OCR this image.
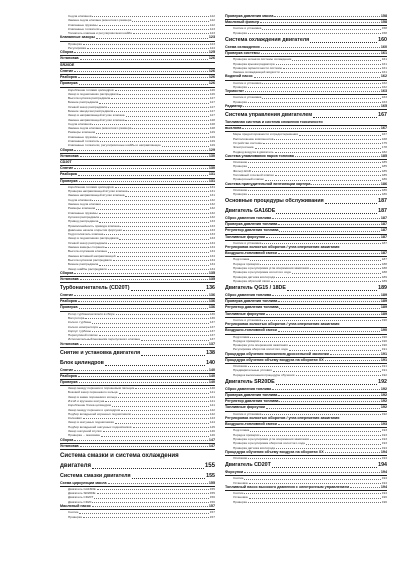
Седла клапанов	122
Замена седла клапана ремонтного размера	122
Клапанные пружины	122
Клапанные толкатели	123
Толкатель клапана и регулировочная шайба	123
Клапанные зазоры	123
Проверка	123
Регулировка	124
Сборка	125
Установка	126
SR20DE
Снятие	126
Разборка	126
Проверка	126
Коробление головки цилиндров	126
Зазор в подшипниках распредвала	126
Высота кулачка распредвала	127
Биение распредвала	127
Осевой зазор распредвала	127
Биение звездочки распредвала	127
Зазор в направляющей втулке клапана	127
Замена направляющей втулки клапана	128
Седла клапанов	128
Замена седла клапана ремонтного размера	128
Размеры клапанов	129
Клапанные пружины	129
Клапанный толкатель	129
Клапанные толкатели, регулировочные шайбы и направляющие	129
Сборка	129
Установка	130
CD20T
Снятие	130
Разборка	131
Проверка	131
Коробление головки цилиндров	131
Проверка направляющей втулки клапана	131
Замена направляющей втулки клапана	131
Седла клапанов	132
Замена седла клапана	132
Размеры клапанов	132
Клапанные пружины	132
Кулачки распредвала	132
Привод распредвала	133
Прямолинейность привода клапана	133
Давление начала открытия форсунки	133
Гидротолкатель клапана	133
Зазор в подшипниках распредвала	133
Осевой зазор распредвала	134
Замена камеры сгорания	134
Высота опускания клапана	134
Замена вставной направляющей	134
Высота кулачков распредвала	134
Биение распредвала	134
Зазор шайбы распредвала	134
Сборка	135
Установка	135
Турбонагнетатель (CD20T)	136
Снятие	136
Разборка	136
Проверка	136
Ротор турбонагнетателя в сборе	136
Вал ротора	136
Колесо турбины	137
Колесо компрессора	137
Корпус турбины	137
Перепускной клапан	137
Исполнительный механизм перепускного клапана	137
Установка	137
Снятие и установка двигателя	138
Блок цилиндров	140
Снятие	140
Разборка	140
Проверка	140
Зазор между поршнем и поршневым пальцем	140
Боковой зазор поршневого кольца	141
Зазор в замке поршневого кольца	141
Изгиб и кручение шатуна	141
Коробление блока цилиндров	141
Зазор между поршнем и цилиндром	142
Подбор вкладышей коренных подшипников	142
Коленвал	143
Зазор в шатунных подшипниках	144
Подбор вкладышей шатунных подшипников	145
Зазор шатунной втулки	146
Проверка ... маховика	146
Сборка	147
Установка	147
Система смазки и система охлаждения
двигателя	155
Система смазки двигателя	155
Схема циркуляции масла	155
Двигатель GA16DE	155
Двигатель SR20DE	155
Двигатель CD20T	156
Двигатель CD20	156
Масляный насос	157
Снятие	157
Проверка	157
Проверка давления масла	158
Масляный фильтр	158
Снятие и установка	158
Проверка	158
Система охлаждения двигателя	160
Схема охлаждения	160
Проверка системы	161
Проверка шлангов системы охлаждения	161
Проверка крышки радиатора	161
Проверка герметичности системы	161
Замена охлаждающей жидкости	161
Водяной насос	162
Снятие и установка	162
Проверка	162
Термостат	163
Снятие и установка	163
Проверка	163
Радиатор	165
Система управления двигателем	167
Топливная система и система снижения токсичности
выхлопа	167
Меры предосторожности и предостережения	167
Расположение компонентов	168
Устройство системы	175
Электросхема	178
Подвод воздуха в двигатель	182
Система улавливания паров топлива	185
Описание	185
Проверка	185
Фильтр EGR	185
Топливный отсечной клапан	185
Проверочный клапан	186
Система принудительной вентиляции картера	186
Описание	186
Проверка	186
Основные процедуры обслуживания	187
Двигатель GA16DE	187
Сброс давления топлива	187
Проверка давления топлива	187
Регулятор давления топлива	187
Топливные форсунки	187
Снятие и установка	187
Регулировка холостых оборотов / угла опережения зажигания
Воздушно-топливной смеси	187
Подготовка	187
Порядок проверки	188
Проверка и регулировка угла опережения зажигания	188
Проверка и регулировка холостого хода	188
Проверка датчика кислорода	189
Проверка обратной связи	189
Двигатель QG15 / 18DE	189
Сброс давления топлива	189
Проверка давления топлива	189
Регулятор давления топлива	189
Топливные форсунки	189
Снятие и установка	190
Регулировка холостых оборотов / угла опережения зажигания
Воздушно-топливной смеси	190
Подготовка	190
Порядок проверки	190
Проверка угла опережения зажигания	190
Регулировка оборотов холостого хода	191
Процедура обучения положению дроссельной заслонки	191
Процедура обучения объему воздуха на оборотах XX	191
Описание	191
Предварительные условия	191
Порядок выполнения процедуры обучения	192
Двигатель SR20DE	192
Сброс давления топлива	192
Проверка давления топлива	192
Регулятор давления топлива	192
Топливные форсунки	192
Снятие и установка	192
Регулировка холостых оборотов / угла опережения зажигания
Воздушно-топливной смеси	193
Подготовка	193
Порядок проверки	193
Проверка и регулировка угла опережения зажигания	193
Проверка и регулировка оборотов холостого хода	193
Проверка датчика кислорода	194
Процедура обучения объему воздуха на оборотах XX	194
Описание	194
Двигатель CD20T	194
Форсунки	194
Снятие	194
Установка	194
Топливный насос высокого давления с электронным управлением	194
Снятие	194
Установка	196
Проверка	196
